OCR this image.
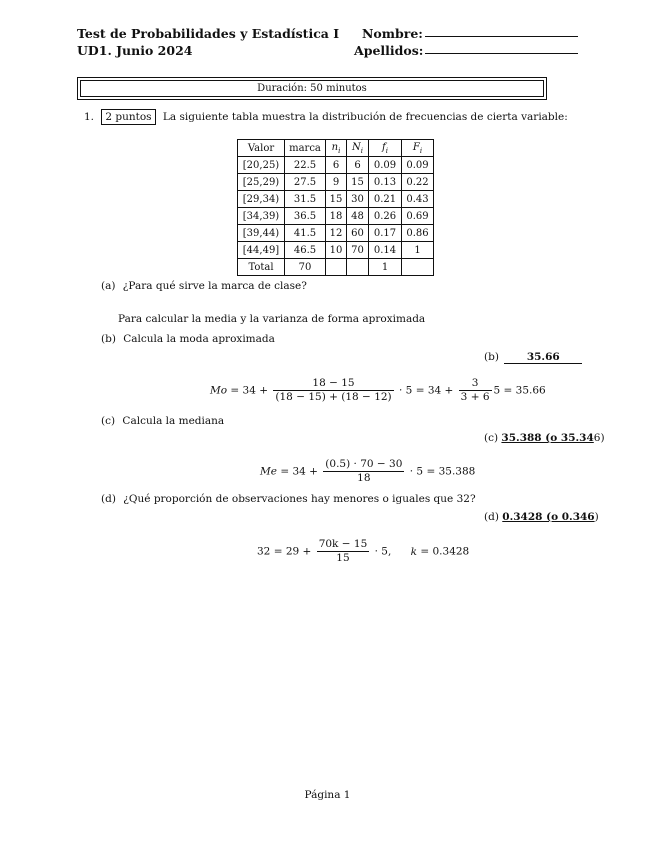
Test de Probabilidades y Estadística I
UD1. Junio 2024
Nombre:
Apellidos:
Duración: 50 minutos
1. 2 puntos La siguiente tabla muestra la distribución de frecuencias de cierta variable:
Valor	marca	$n_i$	$N_i$	$f_i$	$F_i$
[20,25)	22.5	6	6	0.09	0.09
[25,29)	27.5	9	15	0.13	0.22
[29,34)	31.5	15	30	0.21	0.43
[34,39)	36.5	18	48	0.26	0.69
[39,44)	41.5	12	60	0.17	0.86
[44,49]	46.5	10	70	0.14	1
Total	70			1	
(a) ¿Para qué sirve la marca de clase?
Para calcular la media y la varianza de forma aproximada
(b) Calcula la moda aproximada
(b)	35.66
$Mo = 34 + \frac{18 - 15}{(18 - 15) + (18 - 12)} \cdot 5 = 34 + \frac{3}{3 + 6} 5 = 35.66$
(c) Calcula la mediana
(c) 35.388 (o 35.346)
$Me = 34 + \frac{(0.5) \cdot 70 - 30}{18} \cdot 5 = 35.388$
(d) ¿Qué proporción de observaciones hay menores o iguales que 32?
(d) 0.3428 (o 0.346)
$32 = 29 + \frac{70k - 15}{15} \cdot 5$, k = 0.3428
Página 1
